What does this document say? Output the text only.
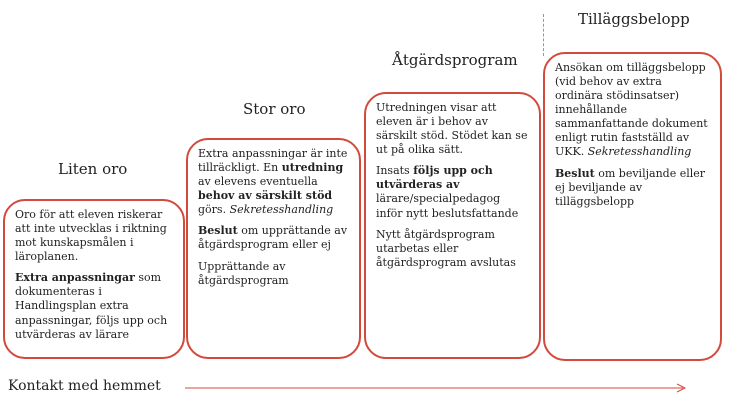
Liten oro
Stor oro
Åtgärdsprogram
Tilläggsbelopp

Oro för att eleven riskerar att inte utvecklas i riktning mot kunskapsmålen i läroplanen.

Extra anpassningar som dokumenteras i Handlingsplan extra anpassningar, följs upp och utvärderas av lärare

Extra anpassningar är inte tillräckligt. En utredning av elevens eventuella behov av särskilt stöd görs. Sekretesshandling

Beslut om upprättande av åtgärdsprogram eller ej

Upprättande av åtgärdsprogram

Utredningen visar att eleven är i behov av särskilt stöd. Stödet kan se ut på olika sätt.

Insats följs upp och utvärderas av lärare/specialpedagog inför nytt beslutsfattande

Nytt åtgärdsprogram utarbetas eller åtgärdsprogram avslutas

Ansökan om tilläggsbelopp (vid behov av extra ordinära stödinsatser) innehållande sammanfattande dokument enligt rutin fastställd av UKK. Sekretesshandling

Beslut om beviljande eller ej beviljande av tilläggsbelopp

Kontakt med hemmet
